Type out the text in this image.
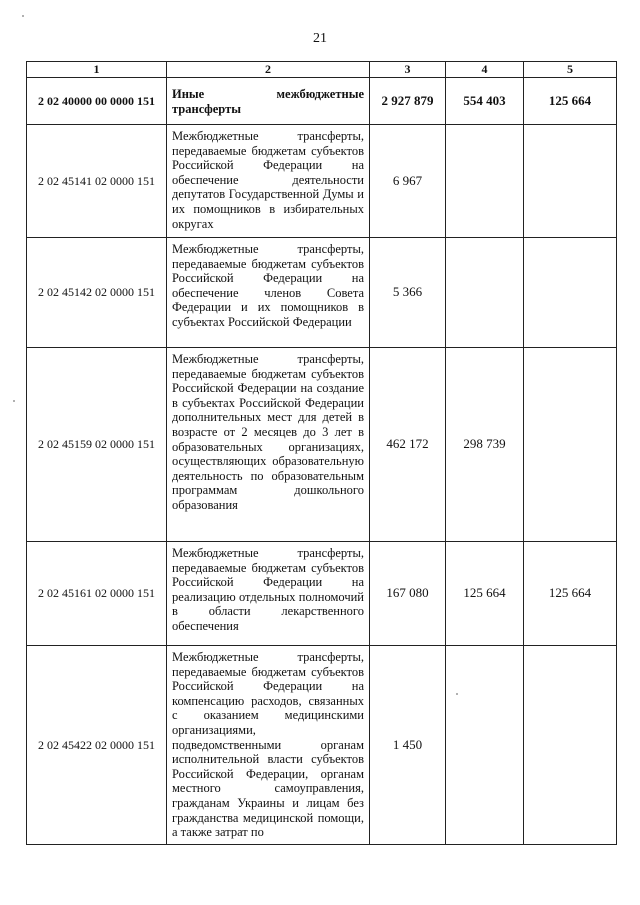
21
1	2	3	4	5
2 02 40000 00 0000 151	Иные межбюджетные трансферты	2 927 879	554 403	125 664
2 02 45141 02 0000 151	Межбюджетные трансферты, передаваемые бюджетам субъектов Российской Федерации на обеспечение деятельности депутатов Государственной Думы и их помощников в избирательных округах	6 967		
2 02 45142 02 0000 151	Межбюджетные трансферты, передаваемые бюджетам субъектов Российской Федерации на обеспечение членов Совета Федерации и их помощников в субъектах Российской Федерации	5 366		
2 02 45159 02 0000 151	Межбюджетные трансферты, передаваемые бюджетам субъектов Российской Федерации на создание в субъектах Российской Федерации дополнительных мест для детей в возрасте от 2 месяцев до 3 лет в образовательных организациях, осуществляющих образовательную деятельность по образовательным программам дошкольного образования	462 172	298 739	
2 02 45161 02 0000 151	Межбюджетные трансферты, передаваемые бюджетам субъектов Российской Федерации на реализацию отдельных полномочий в области лекарственного обеспечения	167 080	125 664	125 664
2 02 45422 02 0000 151	Межбюджетные трансферты, передаваемые бюджетам субъектов Российской Федерации на компенсацию расходов, связанных с оказанием медицинскими организациями, подведомственными органам исполнительной власти субъектов Российской Федерации, органам местного самоуправления, гражданам Украины и лицам без гражданства медицинской помощи, а также затрат по	1 450		
